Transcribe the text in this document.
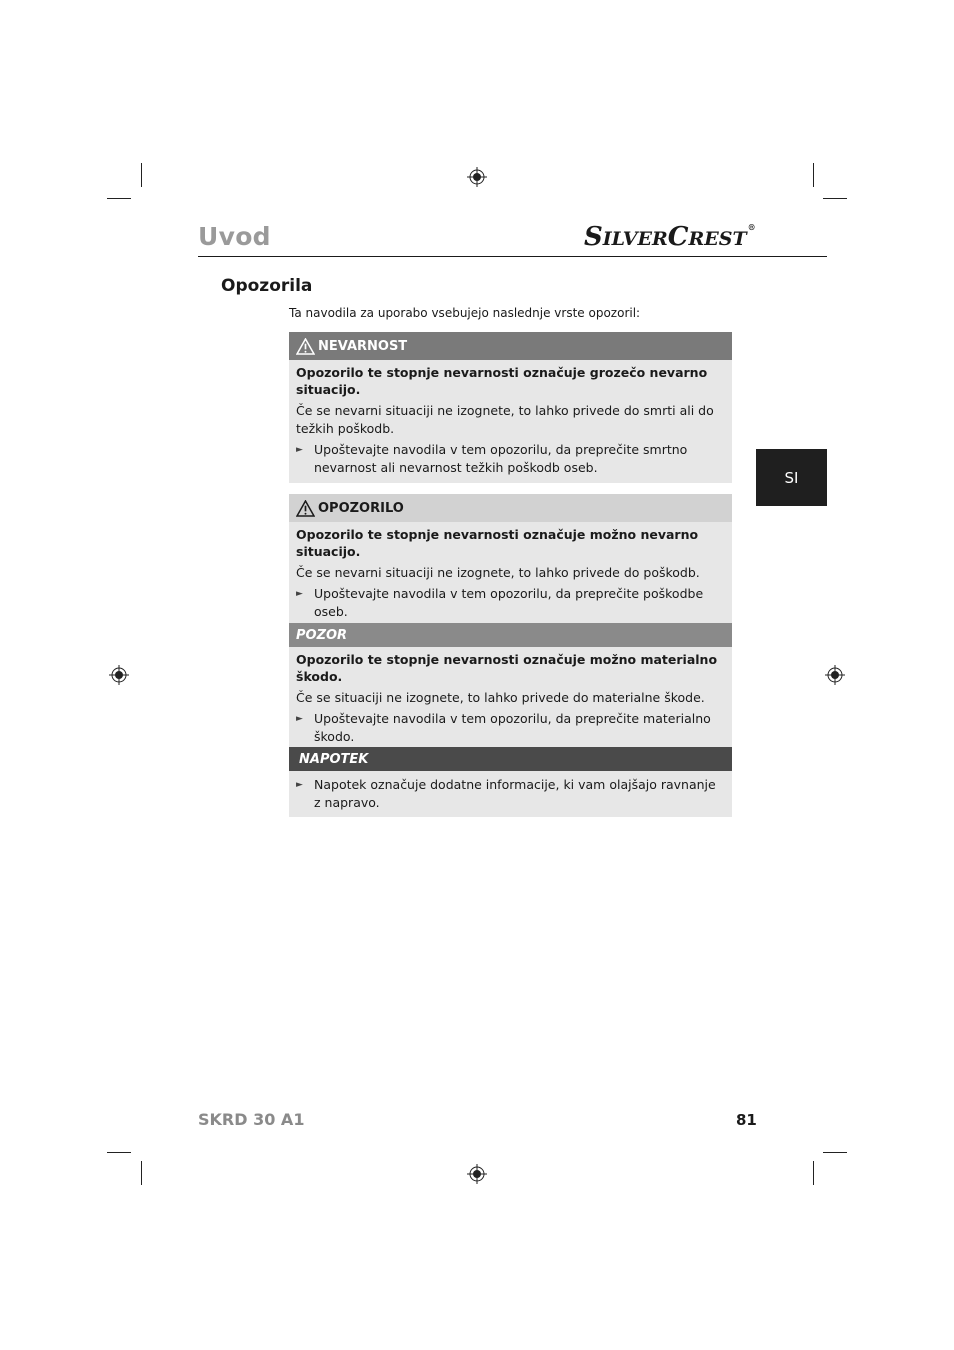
Uvod	SILVERCREST®
Opozorila
Ta navodila za uporabo vsebujejo naslednje vrste opozoril:
SI
NEVARNOST

Opozorilo te stopnje nevarnosti označuje grozečo nevarno situacijo.

Če se nevarni situaciji ne izognete, to lahko privede do smrti ali do težkih poškodb.

► Upoštevajte navodila v tem opozorilu, da preprečite smrtno nevarnost ali nevarnost težkih poškodb oseb.
OPOZORILO

Opozorilo te stopnje nevarnosti označuje možno nevarno situacijo.

Če se nevarni situaciji ne izognete, to lahko privede do poškodb.

► Upoštevajte navodila v tem opozorilu, da preprečite poškodbe oseb.
POZOR

Opozorilo te stopnje nevarnosti označuje možno materialno škodo.

Če se situaciji ne izognete, to lahko privede do materialne škode.

► Upoštevajte navodila v tem opozorilu, da preprečite materialno škodo.
NAPOTEK
► Napotek označuje dodatne informacije, ki vam olajšajo ravnanje z napravo.
SKRD 30 A1	81
